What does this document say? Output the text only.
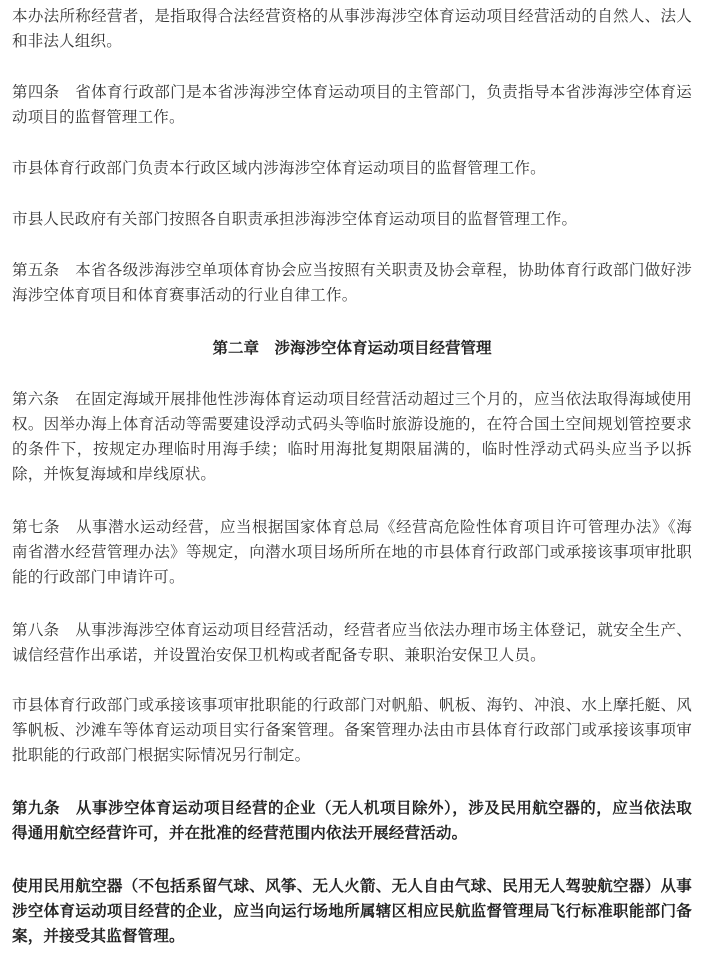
本办法所称经营者，是指取得合法经营资格的从事涉海涉空体育运动项目经营活动的自然人、法人和非法人组织。

第四条　省体育行政部门是本省涉海涉空体育运动项目的主管部门，负责指导本省涉海涉空体育运动项目的监督管理工作。

市县体育行政部门负责本行政区域内涉海涉空体育运动项目的监督管理工作。

市县人民政府有关部门按照各自职责承担涉海涉空体育运动项目的监督管理工作。

第五条　本省各级涉海涉空单项体育协会应当按照有关职责及协会章程，协助体育行政部门做好涉海涉空体育项目和体育赛事活动的行业自律工作。

第二章　涉海涉空体育运动项目经营管理

第六条　在固定海域开展排他性涉海体育运动项目经营活动超过三个月的，应当依法取得海域使用权。因举办海上体育活动等需要建设浮动式码头等临时旅游设施的，在符合国土空间规划管控要求的条件下，按规定办理临时用海手续；临时用海批复期限届满的，临时性浮动式码头应当予以拆除，并恢复海域和岸线原状。

第七条　从事潜水运动经营，应当根据国家体育总局《经营高危险性体育项目许可管理办法》《海南省潜水经营管理办法》等规定，向潜水项目场所所在地的市县体育行政部门或承接该事项审批职能的行政部门申请许可。

第八条　从事涉海涉空体育运动项目经营活动，经营者应当依法办理市场主体登记，就安全生产、诚信经营作出承诺，并设置治安保卫机构或者配备专职、兼职治安保卫人员。

市县体育行政部门或承接该事项审批职能的行政部门对帆船、帆板、海钓、冲浪、水上摩托艇、风筝帆板、沙滩车等体育运动项目实行备案管理。备案管理办法由市县体育行政部门或承接该事项审批职能的行政部门根据实际情况另行制定。

第九条　从事涉空体育运动项目经营的企业（无人机项目除外），涉及民用航空器的，应当依法取得通用航空经营许可，并在批准的经营范围内依法开展经营活动。

使用民用航空器（不包括系留气球、风筝、无人火箭、无人自由气球、民用无人驾驶航空器）从事涉空体育运动项目经营的企业，应当向运行场地所属辖区相应民航监督管理局飞行标准职能部门备案，并接受其监督管理。
